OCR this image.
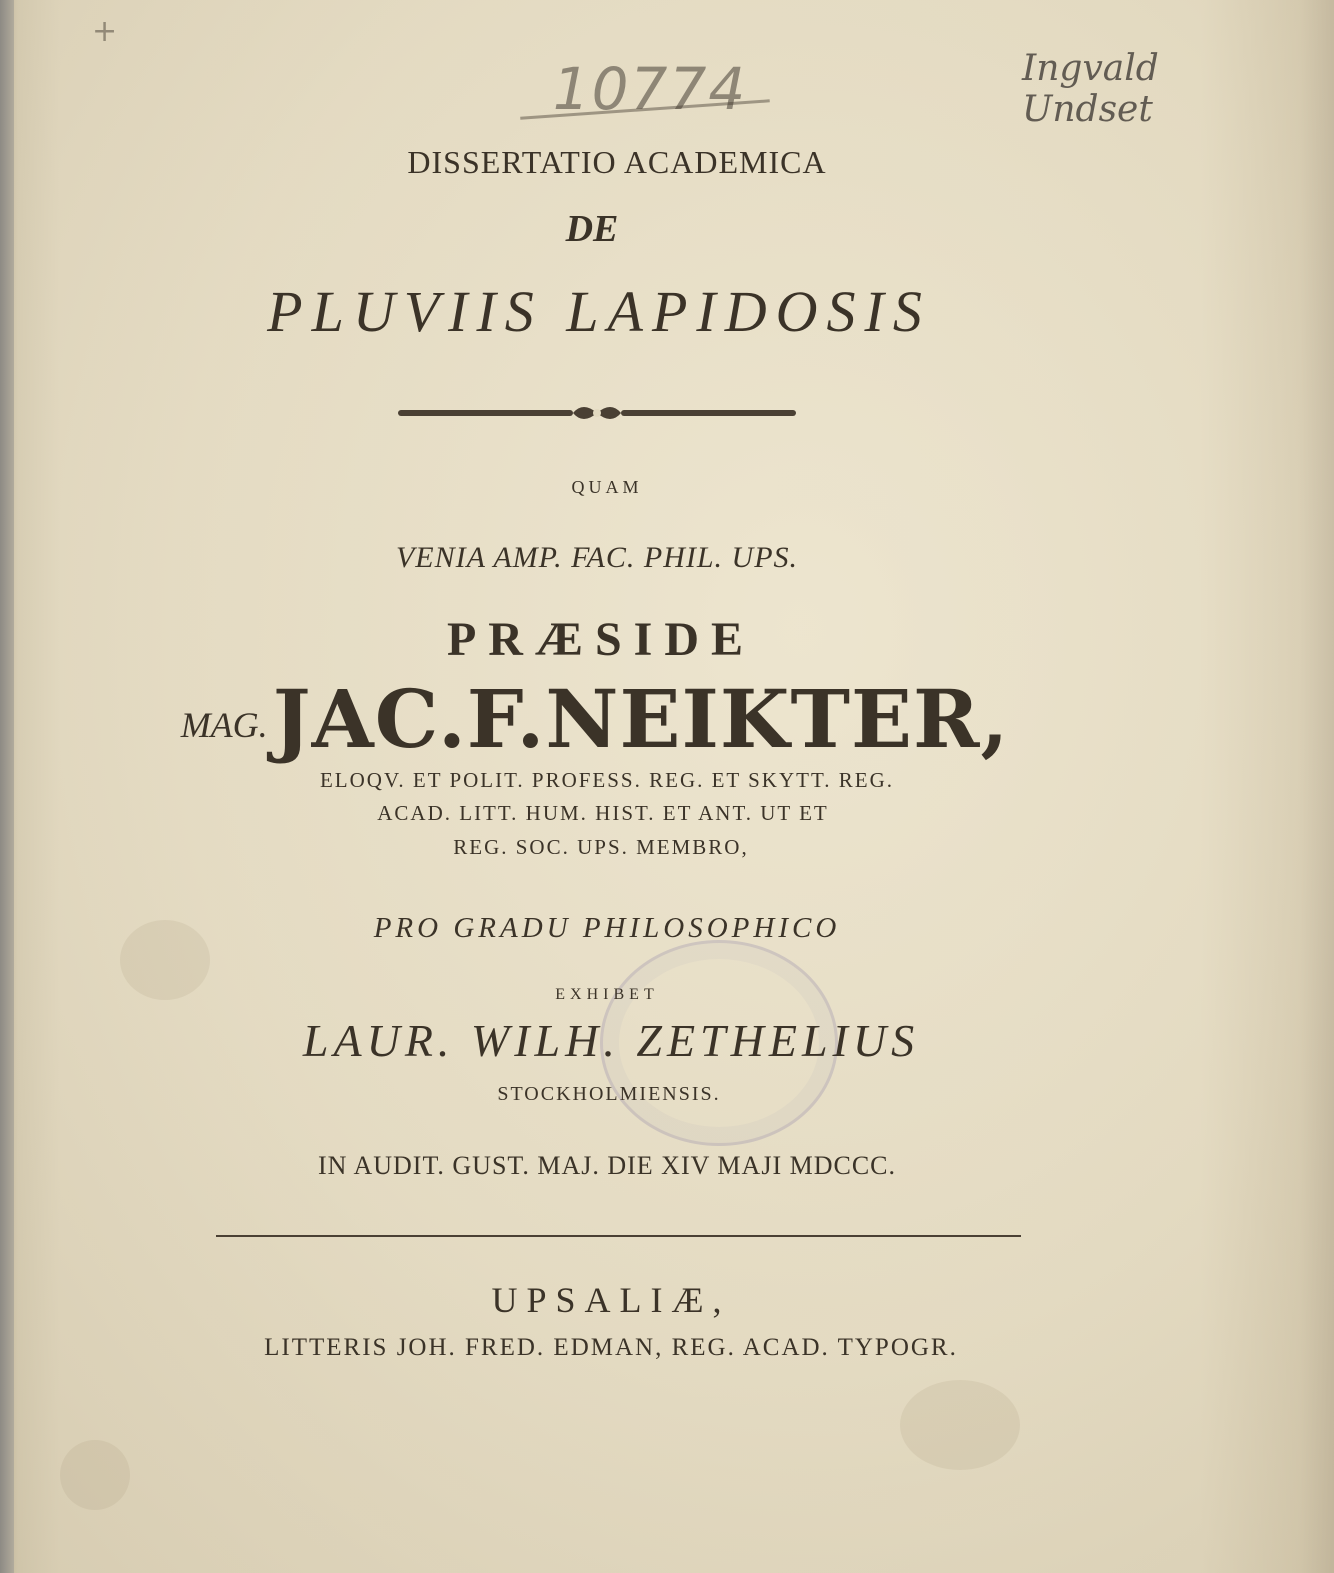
+
10774	Ingvald Undset
DISSERTATIO ACADEMICA
DE
PLUVIIS LAPIDOSIS
QUAM
VENIA AMP. FAC. PHIL. UPS.
PRÆSIDE
MAG. JAC.F.NEIKTER,
ELOQV. ET POLIT. PROFESS. REG. ET SKYTT. REG.
ACAD. LITT. HUM. HIST. ET ANT. UT ET
REG. SOC. UPS. MEMBRO,
PRO GRADU PHILOSOPHICO
EXHIBET
LAUR. WILH. ZETHELIUS
STOCKHOLMIENSIS.
IN AUDIT. GUST. MAJ. DIE XIV MAJI MDCCC.
UPSALIÆ,
LITTERIS JOH. FRED. EDMAN, REG. ACAD. TYPOGR.
